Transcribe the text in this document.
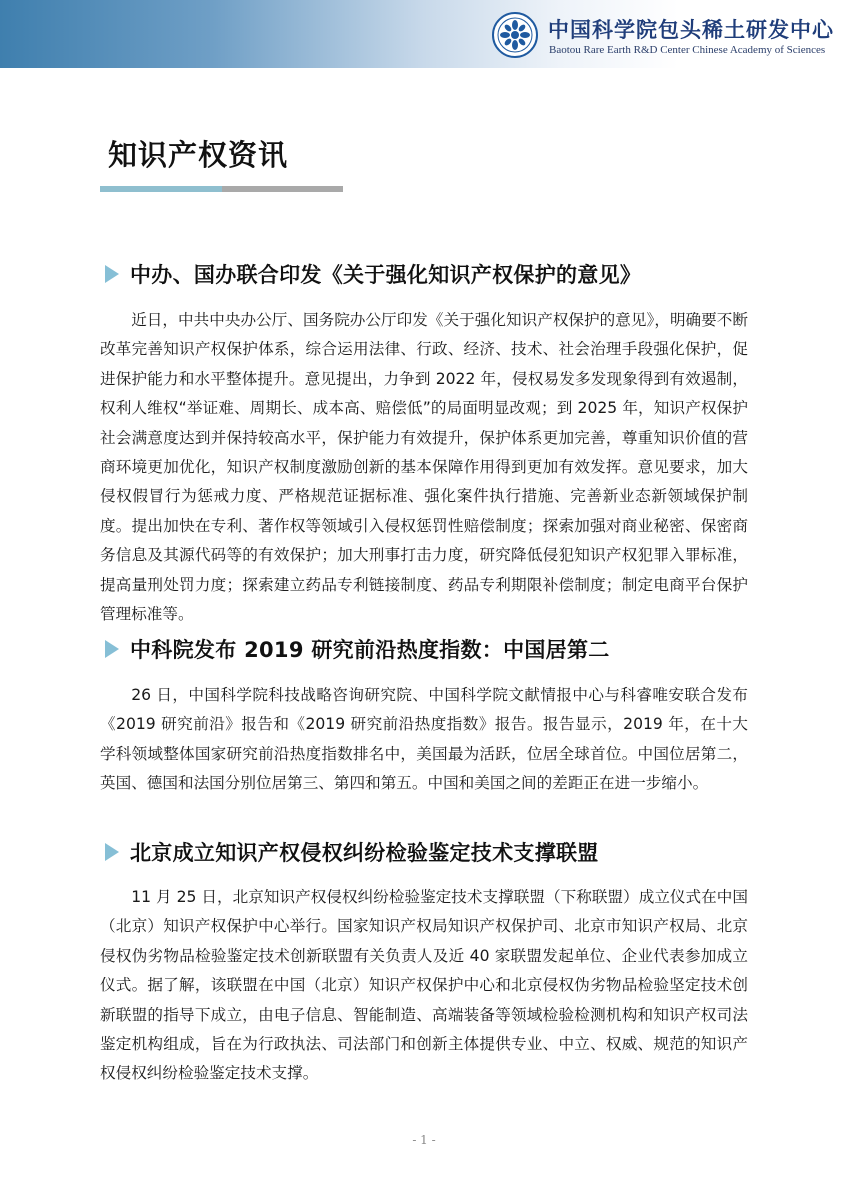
中国科学院包头稀土研发中心
Baotou Rare Earth R&D Center Chinese Academy of Sciences
知识产权资讯
中办、国办联合印发《关于强化知识产权保护的意见》

近日，中共中央办公厅、国务院办公厅印发《关于强化知识产权保护的意见》，明确要不断改革完善知识产权保护体系，综合运用法律、行政、经济、技术、社会治理手段强化保护，促进保护能力和水平整体提升。意见提出，力争到 2022 年，侵权易发多发现象得到有效遏制，权利人维权“举证难、周期长、成本高、赔偿低”的局面明显改观；到 2025 年，知识产权保护社会满意度达到并保持较高水平，保护能力有效提升，保护体系更加完善，尊重知识价值的营商环境更加优化，知识产权制度激励创新的基本保障作用得到更加有效发挥。意见要求，加大侵权假冒行为惩戒力度、严格规范证据标准、强化案件执行措施、完善新业态新领域保护制度。提出加快在专利、著作权等领域引入侵权惩罚性赔偿制度；探索加强对商业秘密、保密商务信息及其源代码等的有效保护；加大刑事打击力度，研究降低侵犯知识产权犯罪入罪标准，提高量刑处罚力度；探索建立药品专利链接制度、药品专利期限补偿制度；制定电商平台保护管理标准等。

中科院发布 2019 研究前沿热度指数：中国居第二

26 日，中国科学院科技战略咨询研究院、中国科学院文献情报中心与科睿唯安联合发布《2019 研究前沿》报告和《2019 研究前沿热度指数》报告。报告显示，2019 年，在十大学科领域整体国家研究前沿热度指数排名中，美国最为活跃，位居全球首位。中国位居第二，英国、德国和法国分别位居第三、第四和第五。中国和美国之间的差距正在进一步缩小。

北京成立知识产权侵权纠纷检验鉴定技术支撑联盟

11 月 25 日，北京知识产权侵权纠纷检验鉴定技术支撑联盟（下称联盟）成立仪式在中国（北京）知识产权保护中心举行。国家知识产权局知识产权保护司、北京市知识产权局、北京侵权伪劣物品检验鉴定技术创新联盟有关负责人及近 40 家联盟发起单位、企业代表参加成立仪式。据了解，该联盟在中国（北京）知识产权保护中心和北京侵权伪劣物品检验坚定技术创新联盟的指导下成立，由电子信息、智能制造、高端装备等领域检验检测机构和知识产权司法鉴定机构组成，旨在为行政执法、司法部门和创新主体提供专业、中立、权威、规范的知识产权侵权纠纷检验鉴定技术支撑。

- 1 -
